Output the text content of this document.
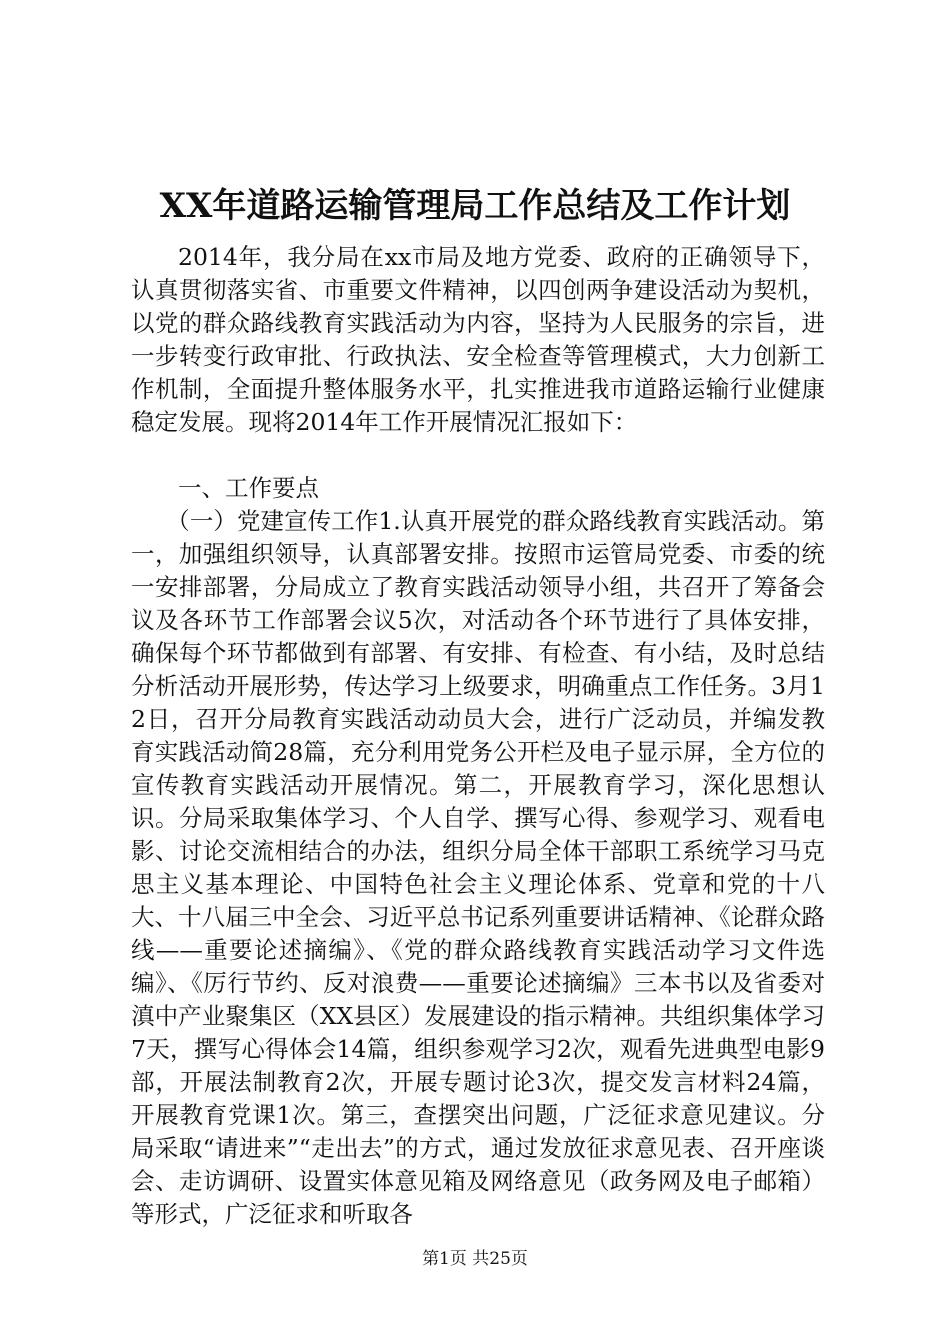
XX年道路运输管理局工作总结及工作计划

2014年，我分局在xx市局及地方党委、政府的正确领导下，认真贯彻落实省、市重要文件精神，以四创两争建设活动为契机，以党的群众路线教育实践活动为内容，坚持为人民服务的宗旨，进一步转变行政审批、行政执法、安全检查等管理模式，大力创新工作机制，全面提升整体服务水平，扎实推进我市道路运输行业健康稳定发展。现将2014年工作开展情况汇报如下：

一、工作要点

（一）党建宣传工作1.认真开展党的群众路线教育实践活动。第一，加强组织领导，认真部署安排。按照市运管局党委、市委的统一安排部署，分局成立了教育实践活动领导小组，共召开了筹备会议及各环节工作部署会议5次，对活动各个环节进行了具体安排，确保每个环节都做到有部署、有安排、有检查、有小结，及时总结分析活动开展形势，传达学习上级要求，明确重点工作任务。3月12日，召开分局教育实践活动动员大会，进行广泛动员，并编发教育实践活动简28篇，充分利用党务公开栏及电子显示屏，全方位的宣传教育实践活动开展情况。第二，开展教育学习，深化思想认识。分局采取集体学习、个人自学、撰写心得、参观学习、观看电影、讨论交流相结合的办法，组织分局全体干部职工系统学习马克思主义基本理论、中国特色社会主义理论体系、党章和党的十八大、十八届三中全会、习近平总书记系列重要讲话精神、《论群众路线——重要论述摘编》、《党的群众路线教育实践活动学习文件选编》、《厉行节约、反对浪费——重要论述摘编》三本书以及省委对滇中产业聚集区（XX县区）发展建设的指示精神。共组织集体学习7天，撰写心得体会14篇，组织参观学习2次，观看先进典型电影9部，开展法制教育2次，开展专题讨论3次，提交发言材料24篇，开展教育党课1次。第三，查摆突出问题，广泛征求意见建议。分局采取“请进来”“走出去”的方式，通过发放征求意见表、召开座谈会、走访调研、设置实体意见箱及网络意见（政务网及电子邮箱）等形式，广泛征求和听取各

第1页 共25页
